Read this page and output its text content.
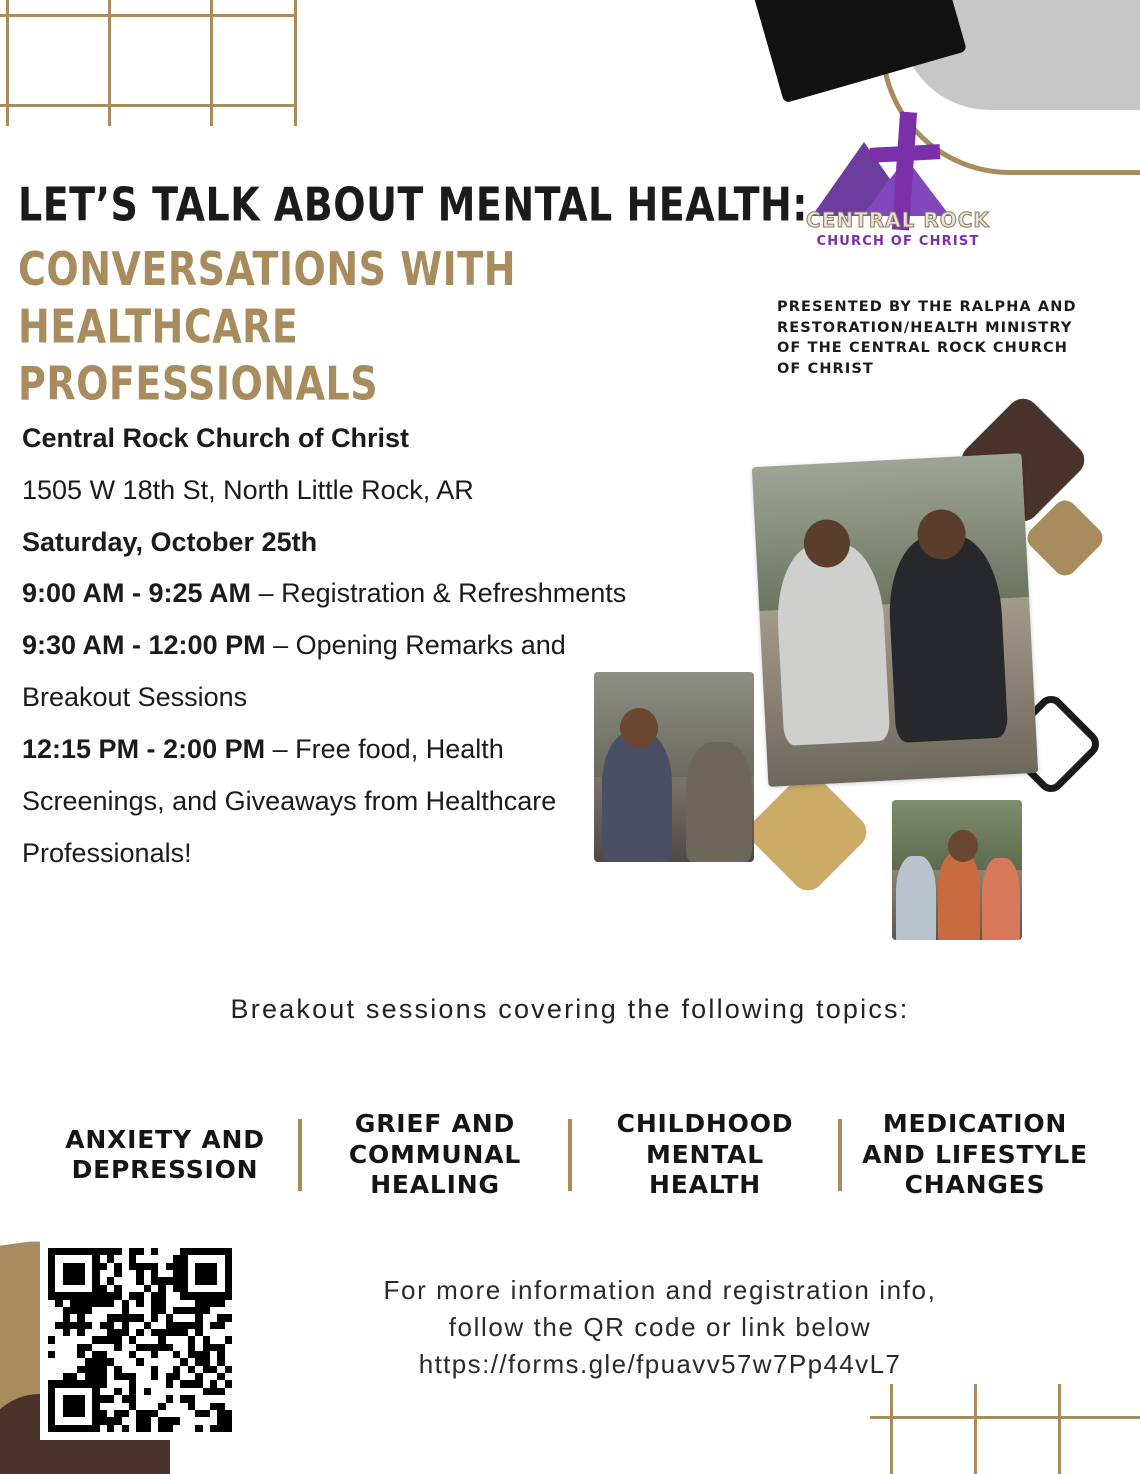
LET’S TALK ABOUT MENTAL HEALTH:
CONVERSATIONS WITH HEALTHCARE PROFESSIONALS
CENTRAL ROCK
CHURCH OF CHRIST
PRESENTED BY THE RALPHA AND RESTORATION/HEALTH MINISTRY OF THE CENTRAL ROCK CHURCH OF CHRIST
Central Rock Church of Christ
1505 W 18th St, North Little Rock, AR
Saturday, October 25th
9:00 AM - 9:25 AM – Registration & Refreshments
9:30 AM - 12:00 PM – Opening Remarks and Breakout Sessions
12:15 PM - 2:00 PM – Free food, Health Screenings, and Giveaways from Healthcare Professionals!
Breakout sessions covering the following topics:
ANXIETY AND DEPRESSION
GRIEF AND COMMUNAL HEALING
CHILDHOOD MENTAL HEALTH
MEDICATION AND LIFESTYLE CHANGES
For more information and registration info,
follow the QR code or link below
https://forms.gle/fpuavv57w7Pp44vL7
